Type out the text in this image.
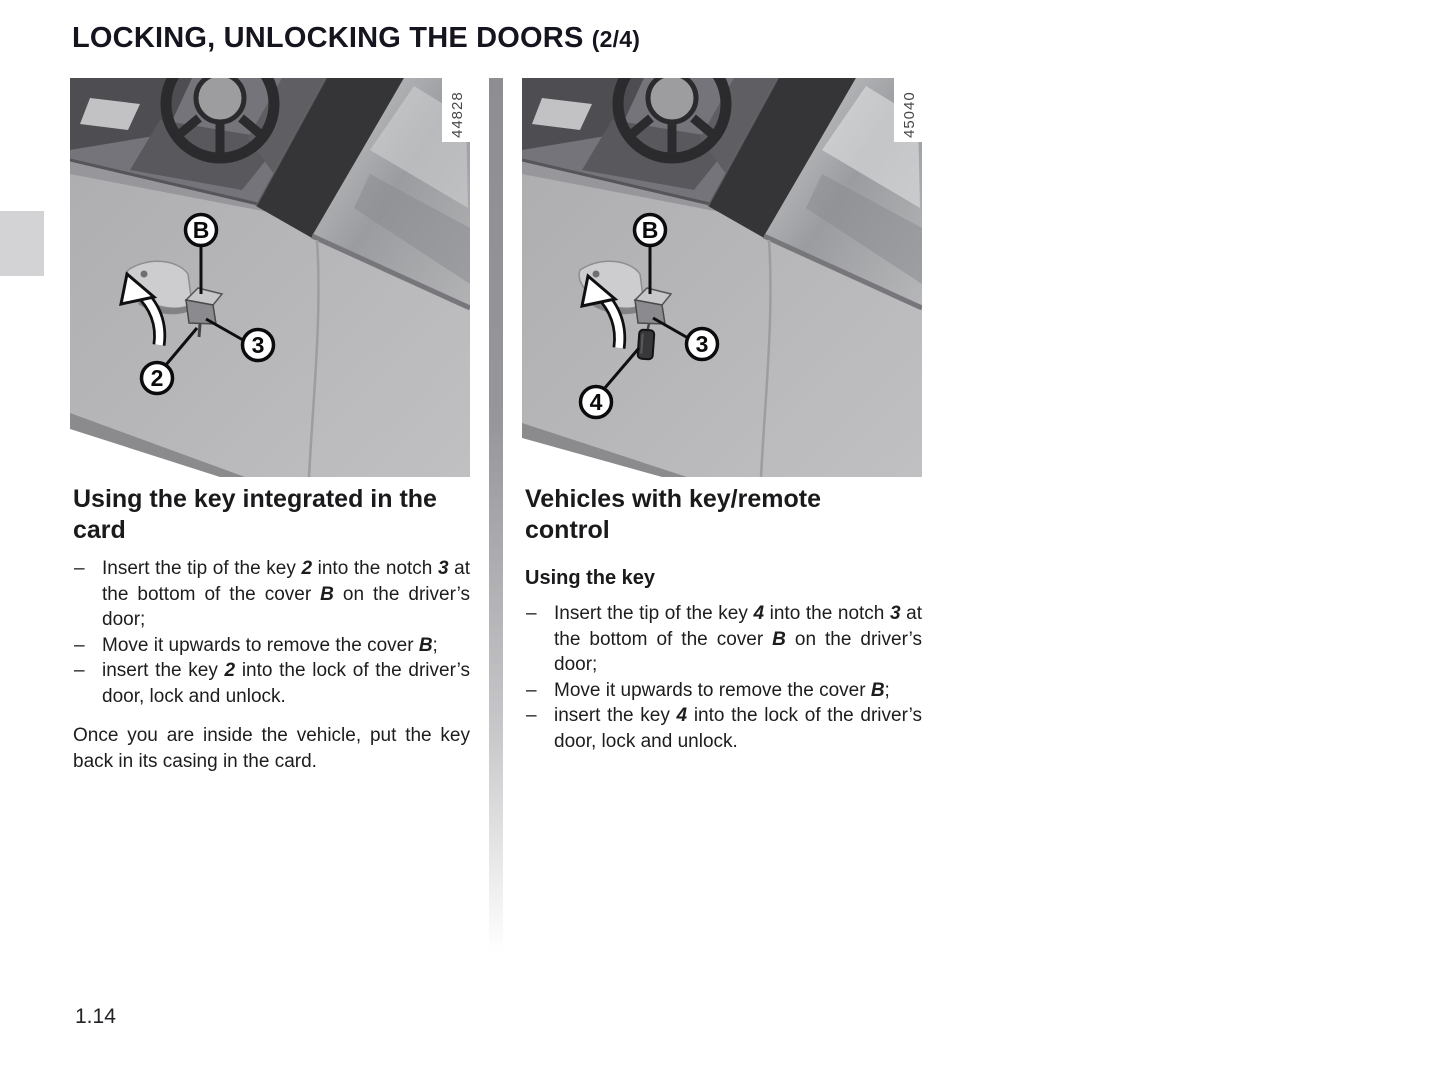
LOCKING, UNLOCKING THE DOORS (2/4)
B
3
2
44828
B
3
4
45040
Using the key integrated in the card

– Insert the tip of the key 2 into the notch 3 at the bottom of the cover B on the driver’s door;

– Move it upwards to remove the cover B;

– insert the key 2 into the lock of the driver’s door, lock and unlock.

Once you are inside the vehicle, put the key back in its casing in the card.

Vehicles with key/remote control
Using the key

– Insert the tip of the key 4 into the notch 3 at the bottom of the cover B on the driver’s door;

– Move it upwards to remove the cover B;

– insert the key 4 into the lock of the driver’s door, lock and unlock.

1.14
